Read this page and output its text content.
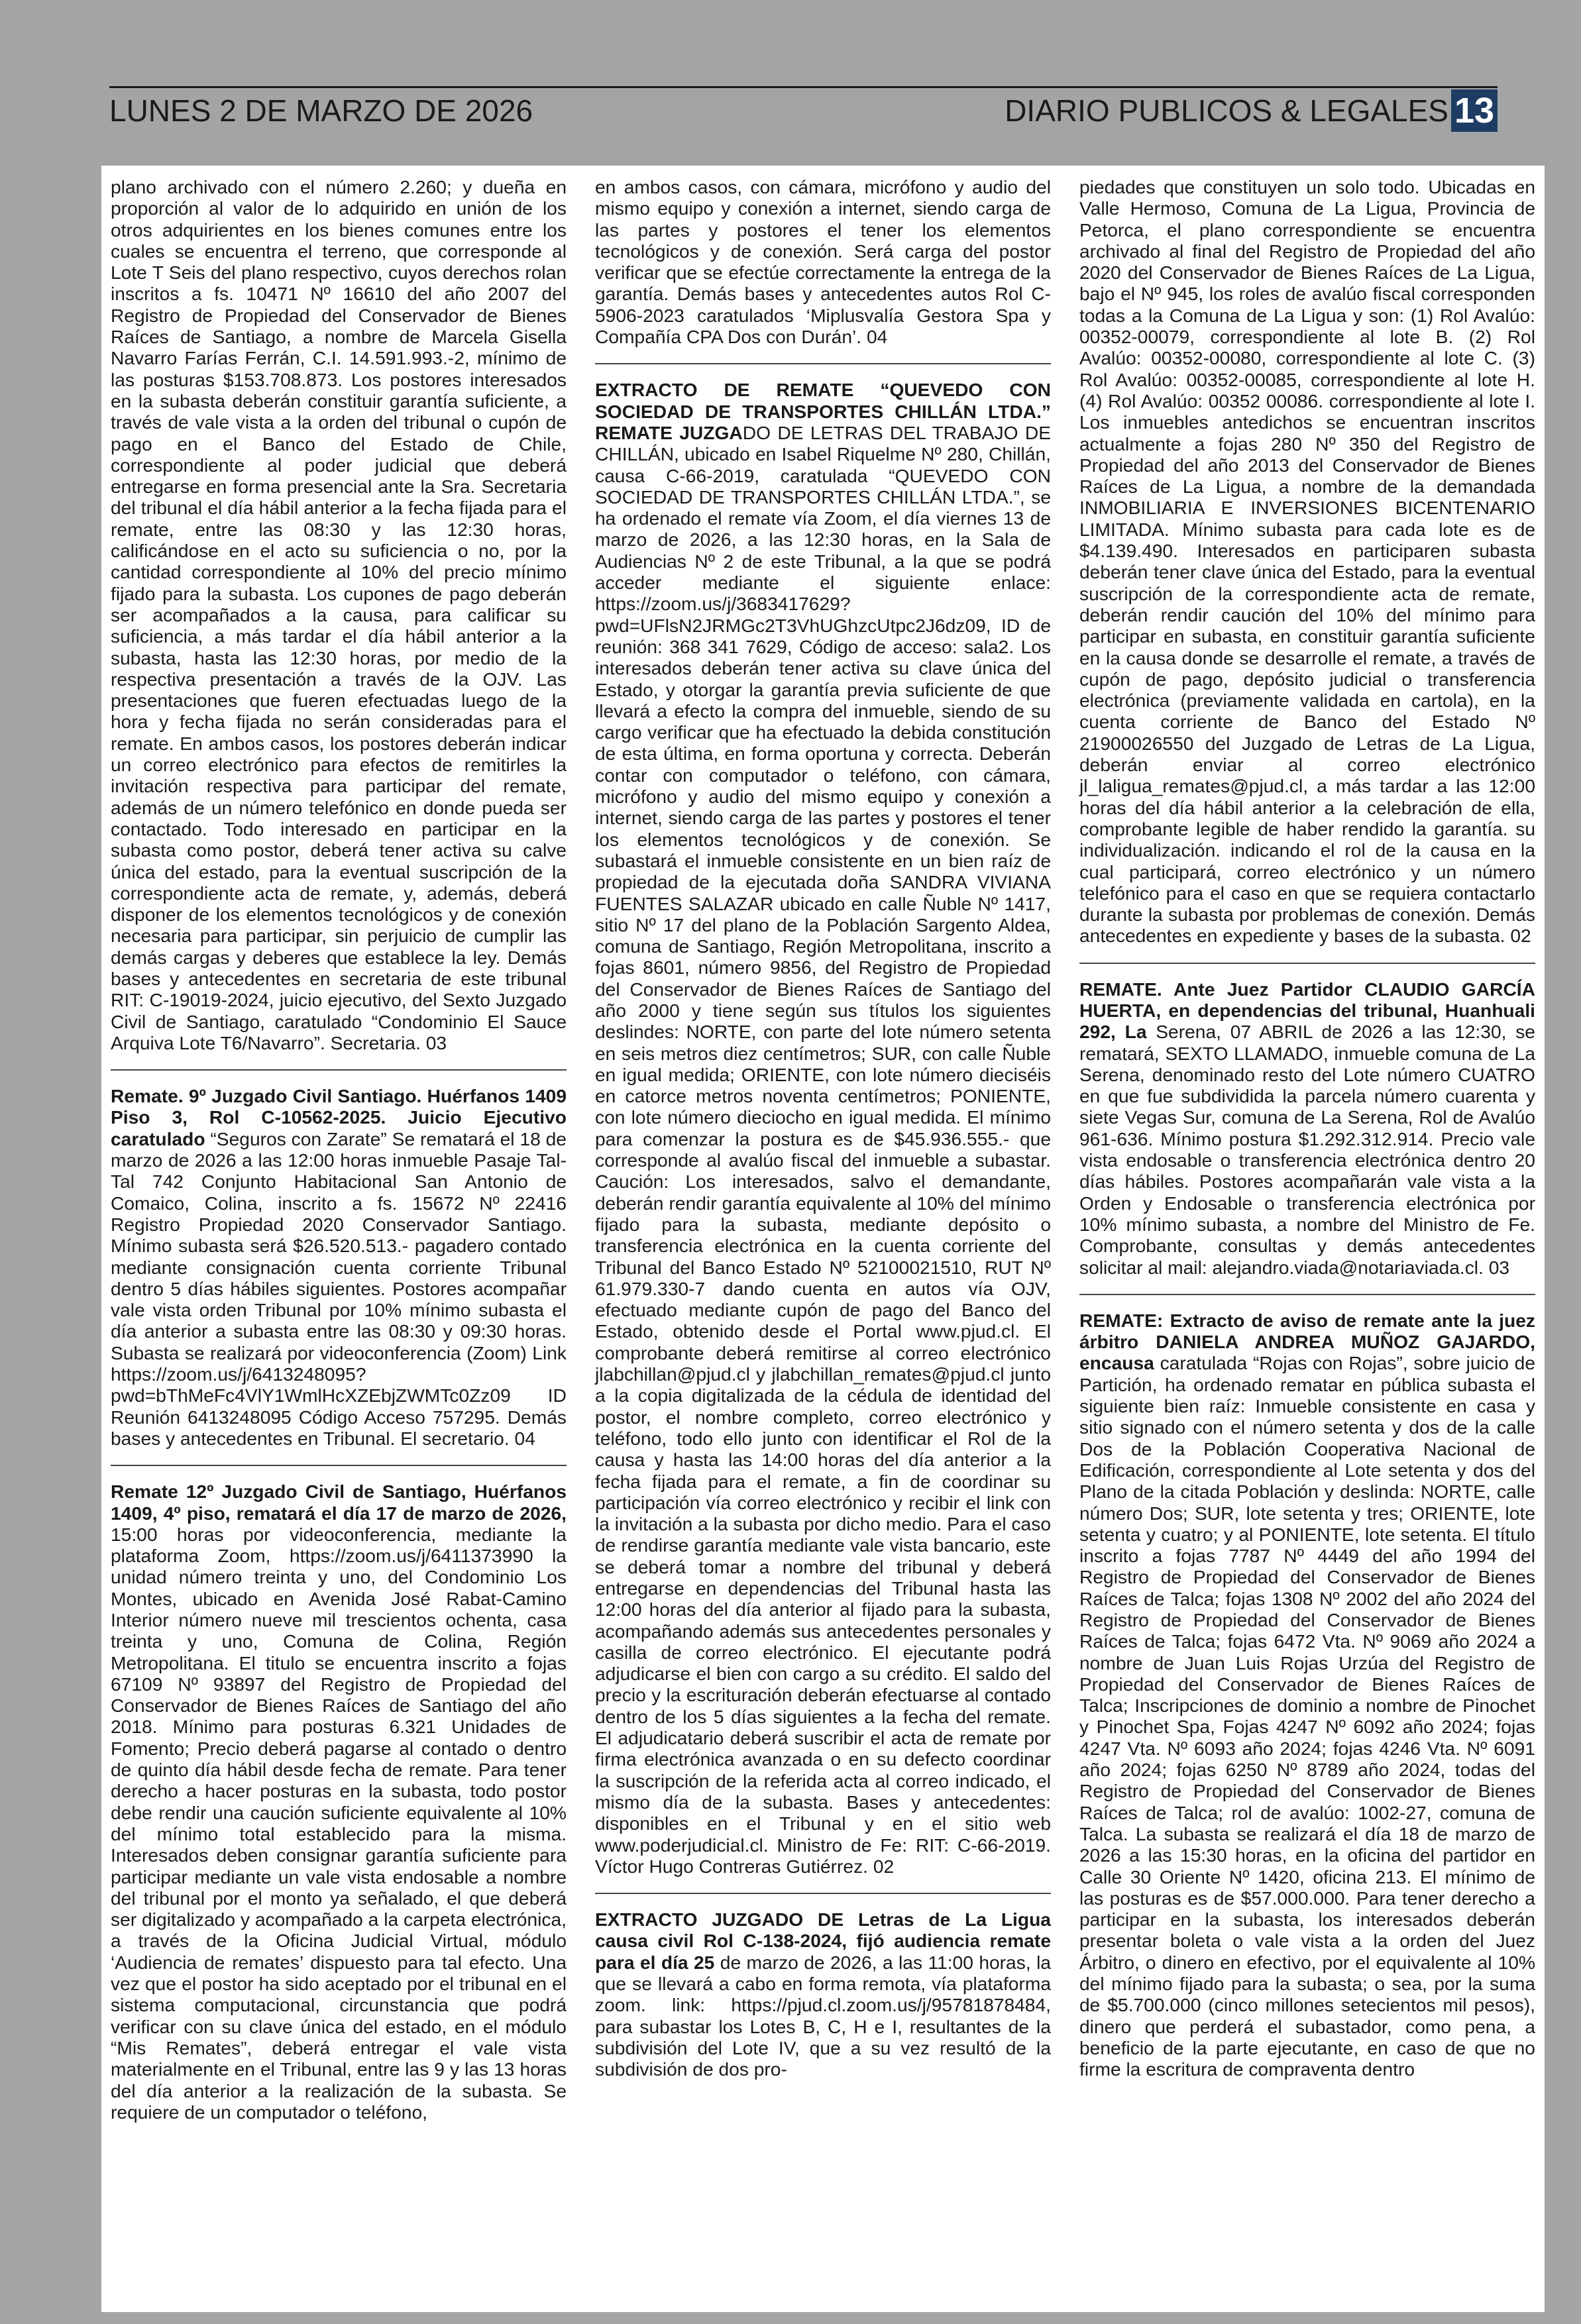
LUNES 2 DE MARZO DE 2026	DIARIO PUBLICOS & LEGALES 13

plano archivado con el número 2.260; y dueña en proporción al valor de lo adquirido en unión de los otros adquirientes en los bienes comunes entre los cuales se encuentra el terreno, que corresponde al Lote T Seis del plano respectivo, cuyos derechos rolan inscritos a fs. 10471 Nº 16610 del año 2007 del Registro de Propiedad del Conservador de Bienes Raíces de Santiago, a nombre de Marcela Gisella Navarro Farías Ferrán, C.I. 14.591.993.-2, mínimo de las posturas $153.708.873. Los postores interesados en la subasta deberán constituir garantía suficiente, a través de vale vista a la orden del tribunal o cupón de pago en el Banco del Estado de Chile, correspondiente al poder judicial que deberá entregarse en forma presencial ante la Sra. Secretaria del tribunal el día hábil anterior a la fecha fijada para el remate, entre las 08:30 y las 12:30 horas, calificándose en el acto su suficiencia o no, por la cantidad correspondiente al 10% del precio mínimo fijado para la subasta. Los cupones de pago deberán ser acompañados a la causa, para calificar su suficiencia, a más tardar el día hábil anterior a la subasta, hasta las 12:30 horas, por medio de la respectiva presentación a través de la OJV. Las presentaciones que fueren efectuadas luego de la hora y fecha fijada no serán consideradas para el remate. En ambos casos, los postores deberán indicar un correo electrónico para efectos de remitirles la invitación respectiva para participar del remate, además de un número telefónico en donde pueda ser contactado. Todo interesado en participar en la subasta como postor, deberá tener activa su calve única del estado, para la eventual suscripción de la correspondiente acta de remate, y, además, deberá disponer de los elementos tecnológicos y de conexión necesaria para participar, sin perjuicio de cumplir las demás cargas y deberes que establece la ley. Demás bases y antecedentes en secretaria de este tribunal RIT: C-19019-2024, juicio ejecutivo, del Sexto Juzgado Civil de Santiago, caratulado “Condominio El Sauce Arquiva Lote T6/Navarro”. Secretaria. 03

Remate. 9º Juzgado Civil Santiago. Huérfanos 1409 Piso 3, Rol C-10562-2025. Juicio Ejecutivo caratulado “Seguros con Zarate” Se rematará el 18 de marzo de 2026 a las 12:00 horas inmueble Pasaje Tal-Tal 742 Conjunto Habitacional San Antonio de Comaico, Colina, inscrito a fs. 15672 Nº 22416 Registro Propiedad 2020 Conservador Santiago. Mínimo subasta será $26.520.513.- pagadero contado mediante consignación cuenta corriente Tribunal dentro 5 días hábiles siguientes. Postores acompañar vale vista orden Tribunal por 10% mínimo subasta el día anterior a subasta entre las 08:30 y 09:30 horas. Subasta se realizará por videoconferencia (Zoom) Link https://zoom.us/j/6413248095?pwd=bThMeFc4VlY1WmlHcXZEbjZWMTc0Zz09 ID Reunión 6413248095 Código Acceso 757295. Demás bases y antecedentes en Tribunal. El secretario. 04

Remate 12º Juzgado Civil de Santiago, Huérfanos 1409, 4º piso, rematará el día 17 de marzo de 2026, 15:00 horas por videoconferencia, mediante la plataforma Zoom, https://zoom.us/j/6411373990 la unidad número treinta y uno, del Condominio Los Montes, ubicado en Avenida José Rabat-Camino Interior número nueve mil trescientos ochenta, casa treinta y uno, Comuna de Colina, Región Metropolitana. El titulo se encuentra inscrito a fojas 67109 Nº 93897 del Registro de Propiedad del Conservador de Bienes Raíces de Santiago del año 2018. Mínimo para posturas 6.321 Unidades de Fomento; Precio deberá pagarse al contado o dentro de quinto día hábil desde fecha de remate. Para tener derecho a hacer posturas en la subasta, todo postor debe rendir una caución suficiente equivalente al 10% del mínimo total establecido para la misma. Interesados deben consignar garantía suficiente para participar mediante un vale vista endosable a nombre del tribunal por el monto ya señalado, el que deberá ser digitalizado y acompañado a la carpeta electrónica, a través de la Oficina Judicial Virtual, módulo ‘Audiencia de remates’ dispuesto para tal efecto. Una vez que el postor ha sido aceptado por el tribunal en el sistema computacional, circunstancia que podrá verificar con su clave única del estado, en el módulo “Mis Remates”, deberá entregar el vale vista materialmente en el Tribunal, entre las 9 y las 13 horas del día anterior a la realización de la subasta. Se requiere de un computador o teléfono,

en ambos casos, con cámara, micrófono y audio del mismo equipo y conexión a internet, siendo carga de las partes y postores el tener los elementos tecnológicos y de conexión. Será carga del postor verificar que se efectúe correctamente la entrega de la garantía. Demás bases y antecedentes autos Rol C-5906-2023 caratulados ‘Miplusvalía Gestora Spa y Compañía CPA Dos con Durán’. 04

EXTRACTO DE REMATE “QUEVEDO CON SOCIEDAD DE TRANSPORTES CHILLÁN LTDA.” REMATE JUZGADO DE LETRAS DEL TRABAJO DE CHILLÁN, ubicado en Isabel Riquelme Nº 280, Chillán, causa C-66-2019, caratulada “QUEVEDO CON SOCIEDAD DE TRANSPORTES CHILLÁN LTDA.”, se ha ordenado el remate vía Zoom, el día viernes 13 de marzo de 2026, a las 12:30 horas, en la Sala de Audiencias Nº 2 de este Tribunal, a la que se podrá acceder mediante el siguiente enlace: https://zoom.us/j/3683417629?pwd=UFlsN2JRMGc2T3VhUGhzcUtpc2J6dz09, ID de reunión: 368 341 7629, Código de acceso: sala2. Los interesados deberán tener activa su clave única del Estado, y otorgar la garantía previa suficiente de que llevará a efecto la compra del inmueble, siendo de su cargo verificar que ha efectuado la debida constitución de esta última, en forma oportuna y correcta. Deberán contar con computador o teléfono, con cámara, micrófono y audio del mismo equipo y conexión a internet, siendo carga de las partes y postores el tener los elementos tecnológicos y de conexión. Se subastará el inmueble consistente en un bien raíz de propiedad de la ejecutada doña SANDRA VIVIANA FUENTES SALAZAR ubicado en calle Ñuble Nº 1417, sitio Nº 17 del plano de la Población Sargento Aldea, comuna de Santiago, Región Metropolitana, inscrito a fojas 8601, número 9856, del Registro de Propiedad del Conservador de Bienes Raíces de Santiago del año 2000 y tiene según sus títulos los siguientes deslindes: NORTE, con parte del lote número setenta en seis metros diez centímetros; SUR, con calle Ñuble en igual medida; ORIENTE, con lote número dieciséis en catorce metros noventa centímetros; PONIENTE, con lote número dieciocho en igual medida. El mínimo para comenzar la postura es de $45.936.555.- que corresponde al avalúo fiscal del inmueble a subastar. Caución: Los interesados, salvo el demandante, deberán rendir garantía equivalente al 10% del mínimo fijado para la subasta, mediante depósito o transferencia electrónica en la cuenta corriente del Tribunal del Banco Estado Nº 52100021510, RUT Nº 61.979.330-7 dando cuenta en autos vía OJV, efectuado mediante cupón de pago del Banco del Estado, obtenido desde el Portal www.pjud.cl. El comprobante deberá remitirse al correo electrónico jlabchillan@pjud.cl y jlabchillan_remates@pjud.cl junto a la copia digitalizada de la cédula de identidad del postor, el nombre completo, correo electrónico y teléfono, todo ello junto con identificar el Rol de la causa y hasta las 14:00 horas del día anterior a la fecha fijada para el remate, a fin de coordinar su participación vía correo electrónico y recibir el link con la invitación a la subasta por dicho medio. Para el caso de rendirse garantía mediante vale vista bancario, este se deberá tomar a nombre del tribunal y deberá entregarse en dependencias del Tribunal hasta las 12:00 horas del día anterior al fijado para la subasta, acompañando además sus antecedentes personales y casilla de correo electrónico. El ejecutante podrá adjudicarse el bien con cargo a su crédito. El saldo del precio y la escrituración deberán efectuarse al contado dentro de los 5 días siguientes a la fecha del remate. El adjudicatario deberá suscribir el acta de remate por firma electrónica avanzada o en su defecto coordinar la suscripción de la referida acta al correo indicado, el mismo día de la subasta. Bases y antecedentes: disponibles en el Tribunal y en el sitio web www.poderjudicial.cl. Ministro de Fe: RIT: C-66-2019. Víctor Hugo Contreras Gutiérrez. 02

EXTRACTO JUZGADO DE Letras de La Ligua causa civil Rol C-138-2024, fijó audiencia remate para el día 25 de marzo de 2026, a las 11:00 horas, la que se llevará a cabo en forma remota, vía plataforma zoom. link: https://pjud.cl.zoom.us/j/95781878484, para subastar los Lotes B, C, H e I, resultantes de la subdivisión del Lote IV, que a su vez resultó de la subdivisión de dos pro-

piedades que constituyen un solo todo. Ubicadas en Valle Hermoso, Comuna de La Ligua, Provincia de Petorca, el plano correspondiente se encuentra archivado al final del Registro de Propiedad del año 2020 del Conservador de Bienes Raíces de La Ligua, bajo el Nº 945, los roles de avalúo fiscal corresponden todas a la Comuna de La Ligua y son: (1) Rol Avalúo: 00352-00079, correspondiente al lote B. (2) Rol Avalúo: 00352-00080, correspondiente al lote C. (3) Rol Avalúo: 00352-00085, correspondiente al lote H. (4) Rol Avalúo: 00352 00086. correspondiente al lote I. Los inmuebles antedichos se encuentran inscritos actualmente a fojas 280 Nº 350 del Registro de Propiedad del año 2013 del Conservador de Bienes Raíces de La Ligua, a nombre de la demandada INMOBILIARIA E INVERSIONES BICENTENARIO LIMITADA. Mínimo subasta para cada lote es de $4.139.490. Interesados en participaren subasta deberán tener clave única del Estado, para la eventual suscripción de la correspondiente acta de remate, deberán rendir caución del 10% del mínimo para participar en subasta, en constituir garantía suficiente en la causa donde se desarrolle el remate, a través de cupón de pago, depósito judicial o transferencia electrónica (previamente validada en cartola), en la cuenta corriente de Banco del Estado Nº 21900026550 del Juzgado de Letras de La Ligua, deberán enviar al correo electrónico jl_laligua_remates@pjud.cl, a más tardar a las 12:00 horas del día hábil anterior a la celebración de ella, comprobante legible de haber rendido la garantía. su individualización. indicando el rol de la causa en la cual participará, correo electrónico y un número telefónico para el caso en que se requiera contactarlo durante la subasta por problemas de conexión. Demás antecedentes en expediente y bases de la subasta. 02

REMATE. Ante Juez Partidor CLAUDIO GARCÍA HUERTA, en dependencias del tribunal, Huanhuali 292, La Serena, 07 ABRIL de 2026 a las 12:30, se rematará, SEXTO LLAMADO, inmueble comuna de La Serena, denominado resto del Lote número CUATRO en que fue subdividida la parcela número cuarenta y siete Vegas Sur, comuna de La Serena, Rol de Avalúo 961-636. Mínimo postura $1.292.312.914. Precio vale vista endosable o transferencia electrónica dentro 20 días hábiles. Postores acompañarán vale vista a la Orden y Endosable o transferencia electrónica por 10% mínimo subasta, a nombre del Ministro de Fe. Comprobante, consultas y demás antecedentes solicitar al mail: alejandro.viada@notariaviada.cl. 03

REMATE: Extracto de aviso de remate ante la juez árbitro DANIELA ANDREA MUÑOZ GAJARDO, encausa caratulada “Rojas con Rojas”, sobre juicio de Partición, ha ordenado rematar en pública subasta el siguiente bien raíz: Inmueble consistente en casa y sitio signado con el número setenta y dos de la calle Dos de la Población Cooperativa Nacional de Edificación, correspondiente al Lote setenta y dos del Plano de la citada Población y deslinda: NORTE, calle número Dos; SUR, lote setenta y tres; ORIENTE, lote setenta y cuatro; y al PONIENTE, lote setenta. El título inscrito a fojas 7787 Nº 4449 del año 1994 del Registro de Propiedad del Conservador de Bienes Raíces de Talca; fojas 1308 Nº 2002 del año 2024 del Registro de Propiedad del Conservador de Bienes Raíces de Talca; fojas 6472 Vta. Nº 9069 año 2024 a nombre de Juan Luis Rojas Urzúa del Registro de Propiedad del Conservador de Bienes Raíces de Talca; Inscripciones de dominio a nombre de Pinochet y Pinochet Spa, Fojas 4247 Nº 6092 año 2024; fojas 4247 Vta. Nº 6093 año 2024; fojas 4246 Vta. Nº 6091 año 2024; fojas 6250 Nº 8789 año 2024, todas del Registro de Propiedad del Conservador de Bienes Raíces de Talca; rol de avalúo: 1002-27, comuna de Talca. La subasta se realizará el día 18 de marzo de 2026 a las 15:30 horas, en la oficina del partidor en Calle 30 Oriente Nº 1420, oficina 213. El mínimo de las posturas es de $57.000.000. Para tener derecho a participar en la subasta, los interesados deberán presentar boleta o vale vista a la orden del Juez Árbitro, o dinero en efectivo, por el equivalente al 10% del mínimo fijado para la subasta; o sea, por la suma de $5.700.000 (cinco millones setecientos mil pesos), dinero que perderá el subastador, como pena, a beneficio de la parte ejecutante, en caso de que no firme la escritura de compraventa dentro
